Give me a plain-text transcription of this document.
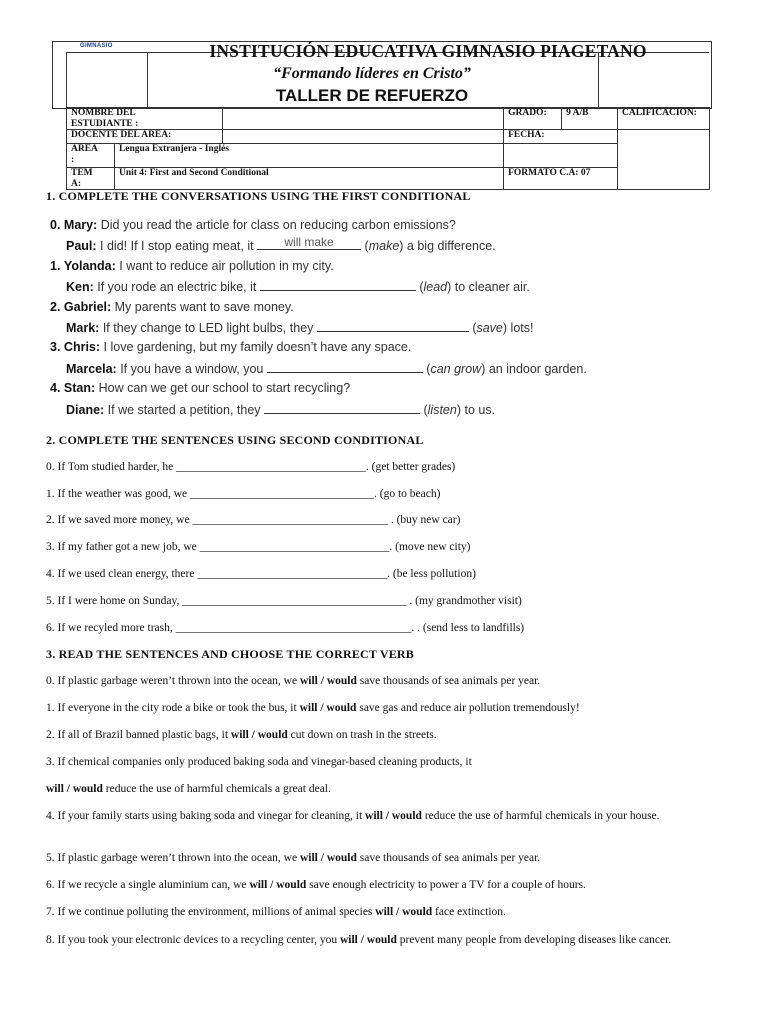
GIMNASIO	INSTITUCIÓN EDUCATIVA GIMNASIO PIAGETANO
“Formando líderes en Cristo”
TALLER DE REFUERZO
NOMBRE DEL
ESTUDIANTE :			GRADO:	9 A/B	CALIFICACION:
DOCENTE DEL AREA:			FECHA:		

AREA
:	Lengua Extranjera - Inglés				

TEM
A:	Unit 4: First and Second Conditional		FORMATO C.A: 07		
1. COMPLETE THE CONVERSATIONS USING THE FIRST CONDITIONAL
0. Mary: Did you read the article for class on reducing carbon emissions?
Paul: I did! If I stop eating meat, it	will make	(make) a big difference.
1. Yolanda: I want to reduce air pollution in my city.
Ken: If you rode an electric bike, it	(lead) to cleaner air.
2. Gabriel: My parents want to save money.
Mark: If they change to LED light bulbs, they	(save) lots!
3. Chris: I love gardening, but my family doesn’t have any space.
Marcela: If you have a window, you	(can grow) an indoor garden.
4. Stan: How can we get our school to start recycling?
Diane: If we started a petition, they	(listen) to us.
2. COMPLETE THE SENTENCES USING SECOND CONDITIONAL
0. If Tom studied harder, he _________________________________. (get better grades)
1. If the weather was good, we ________________________________. (go to beach)
2. If we saved more money, we __________________________________ . (buy new car)
3. If my father got a new job, we _________________________________. (move new city)
4. If we used clean energy, there _________________________________. (be less pollution)
5. If I were home on Sunday, _______________________________________ . (my grandmother visit)
6. If we recyled more trash, _________________________________________. . (send less to landfills)
3. READ THE SENTENCES AND CHOOSE THE CORRECT VERB
0. If plastic garbage weren’t thrown into the ocean, we will / would save thousands of sea animals per year.
1. If everyone in the city rode a bike or took the bus, it will / would save gas and reduce air pollution tremendously!
2. If all of Brazil banned plastic bags, it will / would cut down on trash in the streets.
3. If chemical companies only produced baking soda and vinegar-based cleaning products, it
will / would reduce the use of harmful chemicals a great deal.
4. If your family starts using baking soda and vinegar for cleaning, it will / would reduce the use of harmful chemicals in your house.
5. If plastic garbage weren’t thrown into the ocean, we will / would save thousands of sea animals per year.
6. If we recycle a single aluminium can, we will / would save enough electricity to power a TV for a couple of hours.
7. If we continue polluting the environment, millions of animal species will / would face extinction.
8. If you took your electronic devices to a recycling center, you will / would prevent many people from developing diseases like cancer.
